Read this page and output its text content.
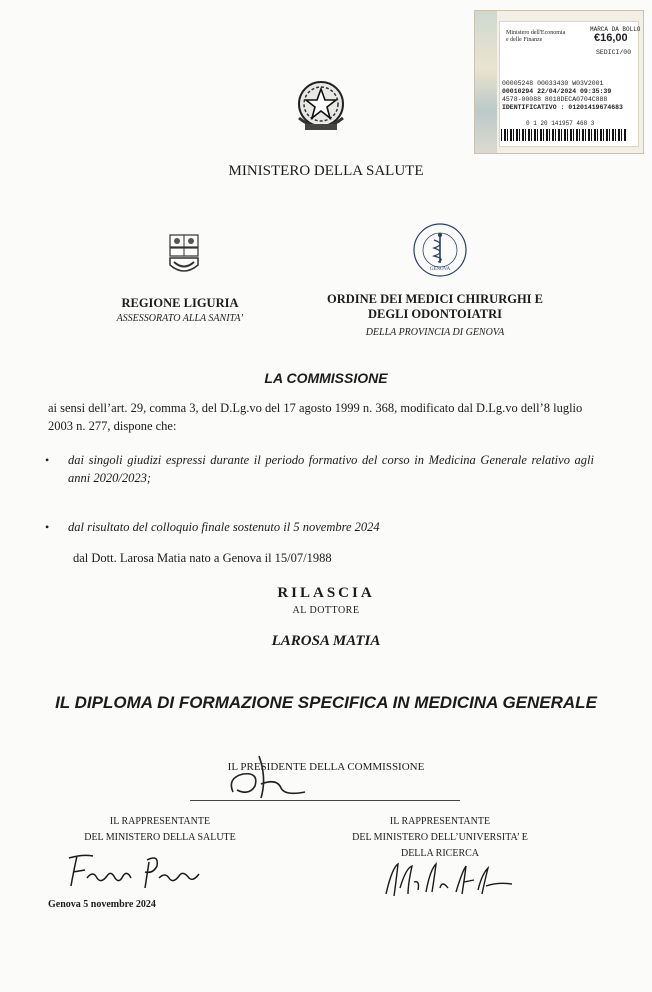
Ministero dell'Economia e delle Finanze
MARCA DA BOLLO
€16,00
SEDICI/00
00005248 00033430 W03V2001
00010294 22/04/2024 09:35:39
4578-00088 8018DECA0704C888
IDENTIFICATIVO : 01201419674683
0 1 20 141957 468 3
MINISTERO DELLA SALUTE
GENOVA
REGIONE LIGURIA
ASSESSORATO ALLA SANITA’
ORDINE DEI MEDICI CHIRURGHI E
DEGLI ODONTOIATRI
DELLA PROVINCIA DI GENOVA
LA COMMISSIONE
ai sensi dell’art. 29, comma 3, del D.Lg.vo del 17 agosto 1999 n. 368, modificato dal D.Lg.vo dell’8 luglio 2003 n. 277, dispone che:
• dai singoli giudizi espressi durante il periodo formativo del corso in Medicina Generale relativo agli anni 2020/2023;
• dal risultato del colloquio finale sostenuto il 5 novembre 2024
dal Dott. Larosa Matia nato a Genova il 15/07/1988
RILASCIA
AL DOTTORE
LAROSA MATIA
IL DIPLOMA DI FORMAZIONE SPECIFICA IN MEDICINA GENERALE
IL PRESIDENTE DELLA COMMISSIONE
IL RAPPRESENTANTE
DEL MINISTERO DELLA SALUTE
IL RAPPRESENTANTE
DEL MINISTERO DELL’UNIVERSITA’ E
DELLA RICERCA
Genova 5 novembre 2024
